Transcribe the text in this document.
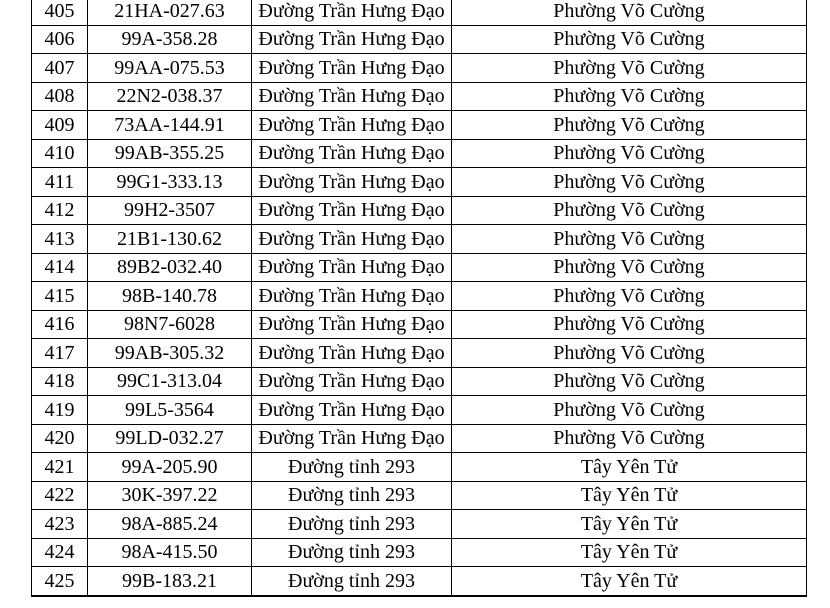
405	21HA-027.63	Đường Trần Hưng Đạo	Phường Võ Cường
406	99A-358.28	Đường Trần Hưng Đạo	Phường Võ Cường
407	99AA-075.53	Đường Trần Hưng Đạo	Phường Võ Cường
408	22N2-038.37	Đường Trần Hưng Đạo	Phường Võ Cường
409	73AA-144.91	Đường Trần Hưng Đạo	Phường Võ Cường
410	99AB-355.25	Đường Trần Hưng Đạo	Phường Võ Cường
411	99G1-333.13	Đường Trần Hưng Đạo	Phường Võ Cường
412	99H2-3507	Đường Trần Hưng Đạo	Phường Võ Cường
413	21B1-130.62	Đường Trần Hưng Đạo	Phường Võ Cường
414	89B2-032.40	Đường Trần Hưng Đạo	Phường Võ Cường
415	98B-140.78	Đường Trần Hưng Đạo	Phường Võ Cường
416	98N7-6028	Đường Trần Hưng Đạo	Phường Võ Cường
417	99AB-305.32	Đường Trần Hưng Đạo	Phường Võ Cường
418	99C1-313.04	Đường Trần Hưng Đạo	Phường Võ Cường
419	99L5-3564	Đường Trần Hưng Đạo	Phường Võ Cường
420	99LD-032.27	Đường Trần Hưng Đạo	Phường Võ Cường
421	99A-205.90	Đường tỉnh 293	Tây Yên Tử
422	30K-397.22	Đường tỉnh 293	Tây Yên Tử
423	98A-885.24	Đường tỉnh 293	Tây Yên Tử
424	98A-415.50	Đường tỉnh 293	Tây Yên Tử
425	99B-183.21	Đường tỉnh 293	Tây Yên Tử
